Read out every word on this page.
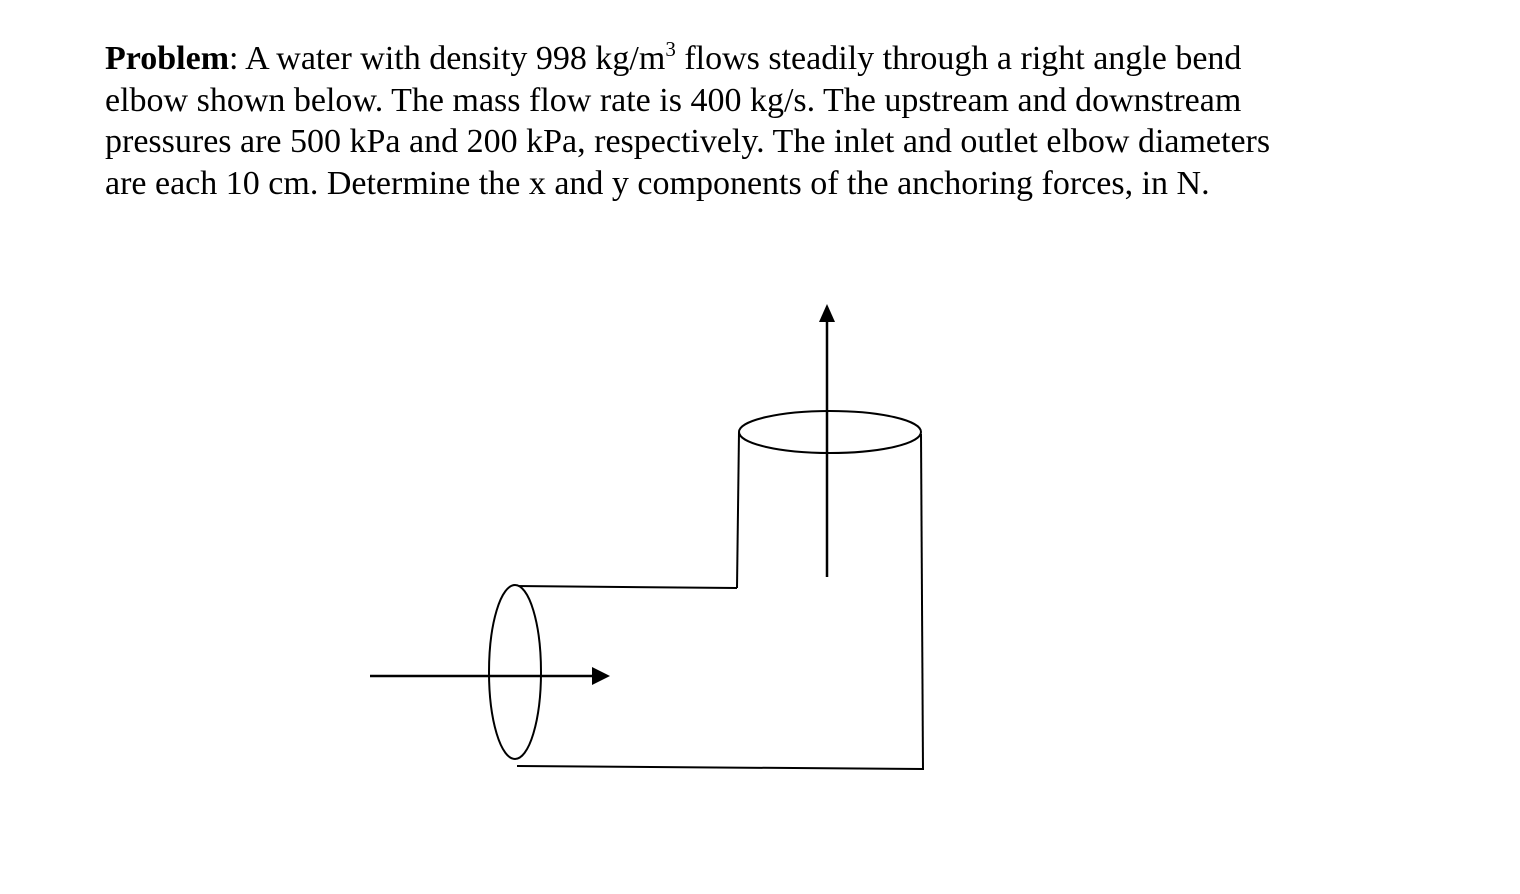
Problem: A water with density 998 $kg/m^3$ flows steadily through a right angle bend
elbow shown below. The mass flow rate is 400 kg/s. The upstream and downstream
pressures are 500 kPa and 200 kPa, respectively. The inlet and outlet elbow diameters
are each 10 cm. Determine the x and y components of the anchoring forces, in N.
